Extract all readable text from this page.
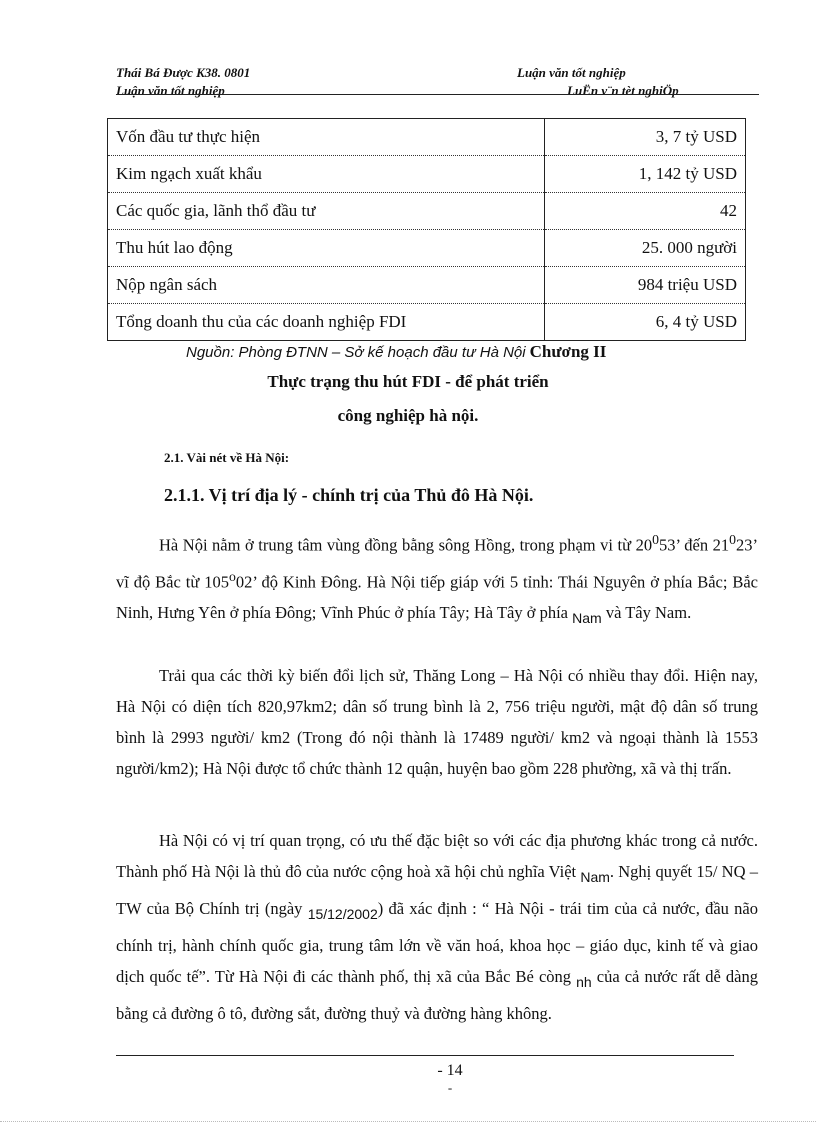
Thái Bá Được K38. 0801
Luận văn tốt nghiệp
Luận văn tốt nghiệp
LuËn v¨n tèt nghiÖp
Vốn đầu tư thực hiện	3, 7 tỷ USD
Kim ngạch xuất khẩu	1, 142 tỷ USD
Các quốc gia, lãnh thổ đầu tư	42
Thu hút lao động	25. 000 người
Nộp ngân sách	984 triệu USD
Tổng doanh thu của các doanh nghiệp FDI	6, 4 tỷ USD
Nguồn: Phòng ĐTNN – Sở kế hoạch đầu tư Hà Nội Chương II
Thực trạng thu hút FDI - để phát triển
công nghiệp hà nội.
2.1. Vài nét về Hà Nội:
2.1.1. Vị trí địa lý - chính trị của Thủ đô Hà Nội.

Hà Nội nằm ở trung tâm vùng đồng bằng sông Hồng, trong phạm vi từ $20^053$’ đến $21^023$’ vĩ độ Bắc từ 105$^o$02’ độ Kinh Đông. Hà Nội tiếp giáp với 5 tỉnh: Thái Nguyên ở phía Bắc; Bắc Ninh, Hưng Yên ở phía Đông; Vĩnh Phúc ở phía Tây; Hà Tây ở phía $_{Nam}$ và Tây Nam.

Trải qua các thời kỳ biến đổi lịch sử, Thăng Long – Hà Nội có nhiều thay đổi. Hiện nay, Hà Nội có diện tích 820,97km2; dân số trung bình là 2, 756 triệu người, mật độ dân số trung bình là 2993 người/ km2 (Trong đó nội thành là 17489 người/ km2 và ngoại thành là 1553 người/km2); Hà Nội được tổ chức thành 12 quận, huyện bao gồm 228 phường, xã và thị trấn.

Hà Nội có vị trí quan trọng, có ưu thế đặc biệt so với các địa phương khác trong cả nước. Thành phố Hà Nội là thủ đô của nước cộng hoà xã hội chủ nghĩa Việt $_{Nam}$. Nghị quyết 15/ NQ – TW của Bộ Chính trị (ngày $_{15/12/2002}$) đã xác định : “ Hà Nội - trái tim của cả nước, đầu não chính trị, hành chính quốc gia, trung tâm lớn về văn hoá, khoa học – giáo dục, kinh tế và giao dịch quốc tế”. Từ Hà Nội đi các thành phố, thị xã của Bắc Bé còng $_{nh}$ của cả nước rất dễ dàng bằng cả đường ô tô, đường sắt, đường thuỷ và đường hàng không.

- 14
-
